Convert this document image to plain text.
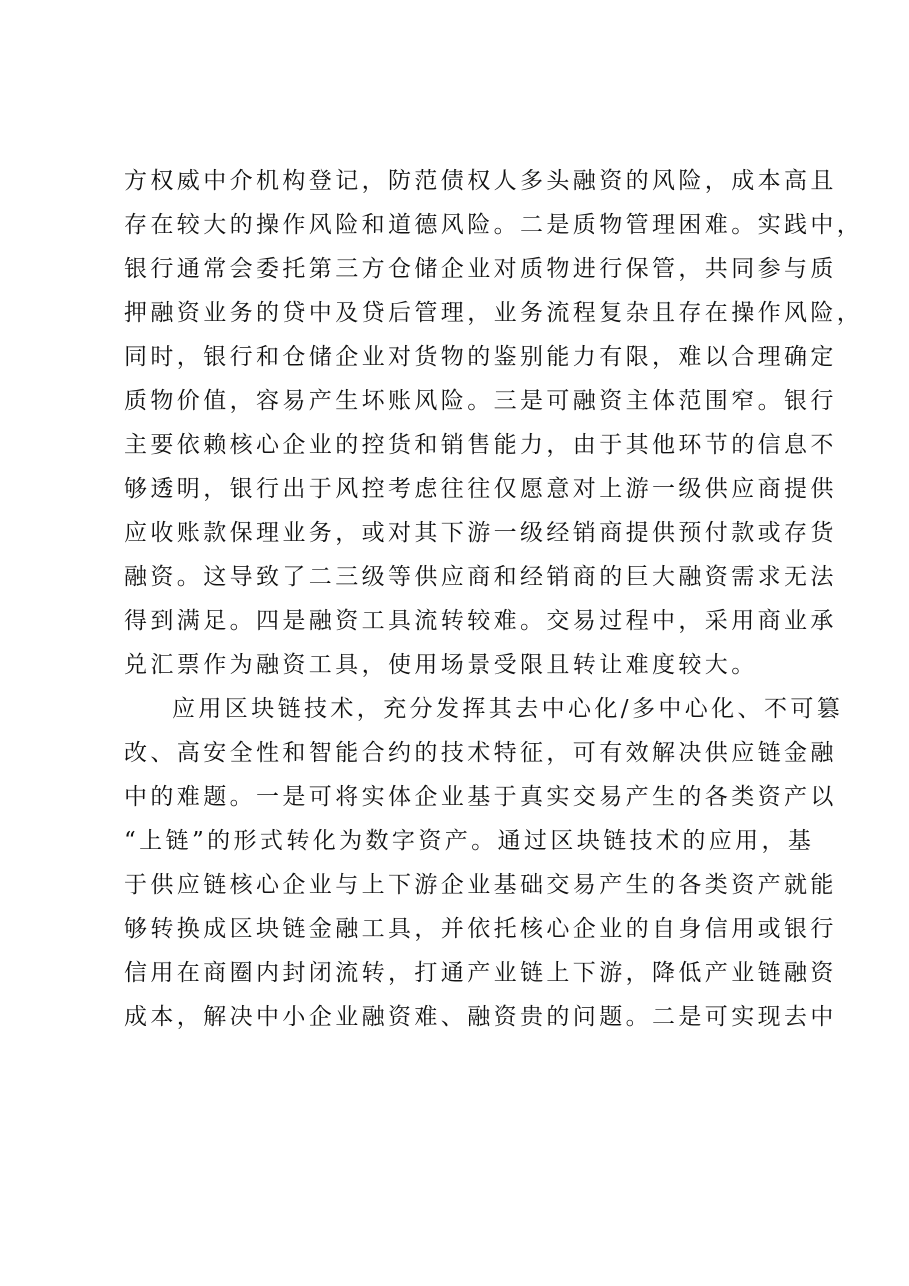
方权威中介机构登记，防范债权人多头融资的风险，成本高且
存在较大的操作风险和道德风险。二是质物管理困难。实践中，
银行通常会委托第三方仓储企业对质物进行保管，共同参与质
押融资业务的贷中及贷后管理，业务流程复杂且存在操作风险，
同时，银行和仓储企业对货物的鉴别能力有限，难以合理确定
质物价值，容易产生坏账风险。三是可融资主体范围窄。银行
主要依赖核心企业的控货和销售能力，由于其他环节的信息不
够透明，银行出于风控考虑往往仅愿意对上游一级供应商提供
应收账款保理业务，或对其下游一级经销商提供预付款或存货
融资。这导致了二三级等供应商和经销商的巨大融资需求无法
得到满足。四是融资工具流转较难。交易过程中，采用商业承
兑汇票作为融资工具，使用场景受限且转让难度较大。
应用区块链技术，充分发挥其去中心化/多中心化、不可篡
改、高安全性和智能合约的技术特征，可有效解决供应链金融
中的难题。一是可将实体企业基于真实交易产生的各类资产以
“上链”的形式转化为数字资产。通过区块链技术的应用，基
于供应链核心企业与上下游企业基础交易产生的各类资产就能
够转换成区块链金融工具，并依托核心企业的自身信用或银行
信用在商圈内封闭流转，打通产业链上下游，降低产业链融资
成本，解决中小企业融资难、融资贵的问题。二是可实现去中
